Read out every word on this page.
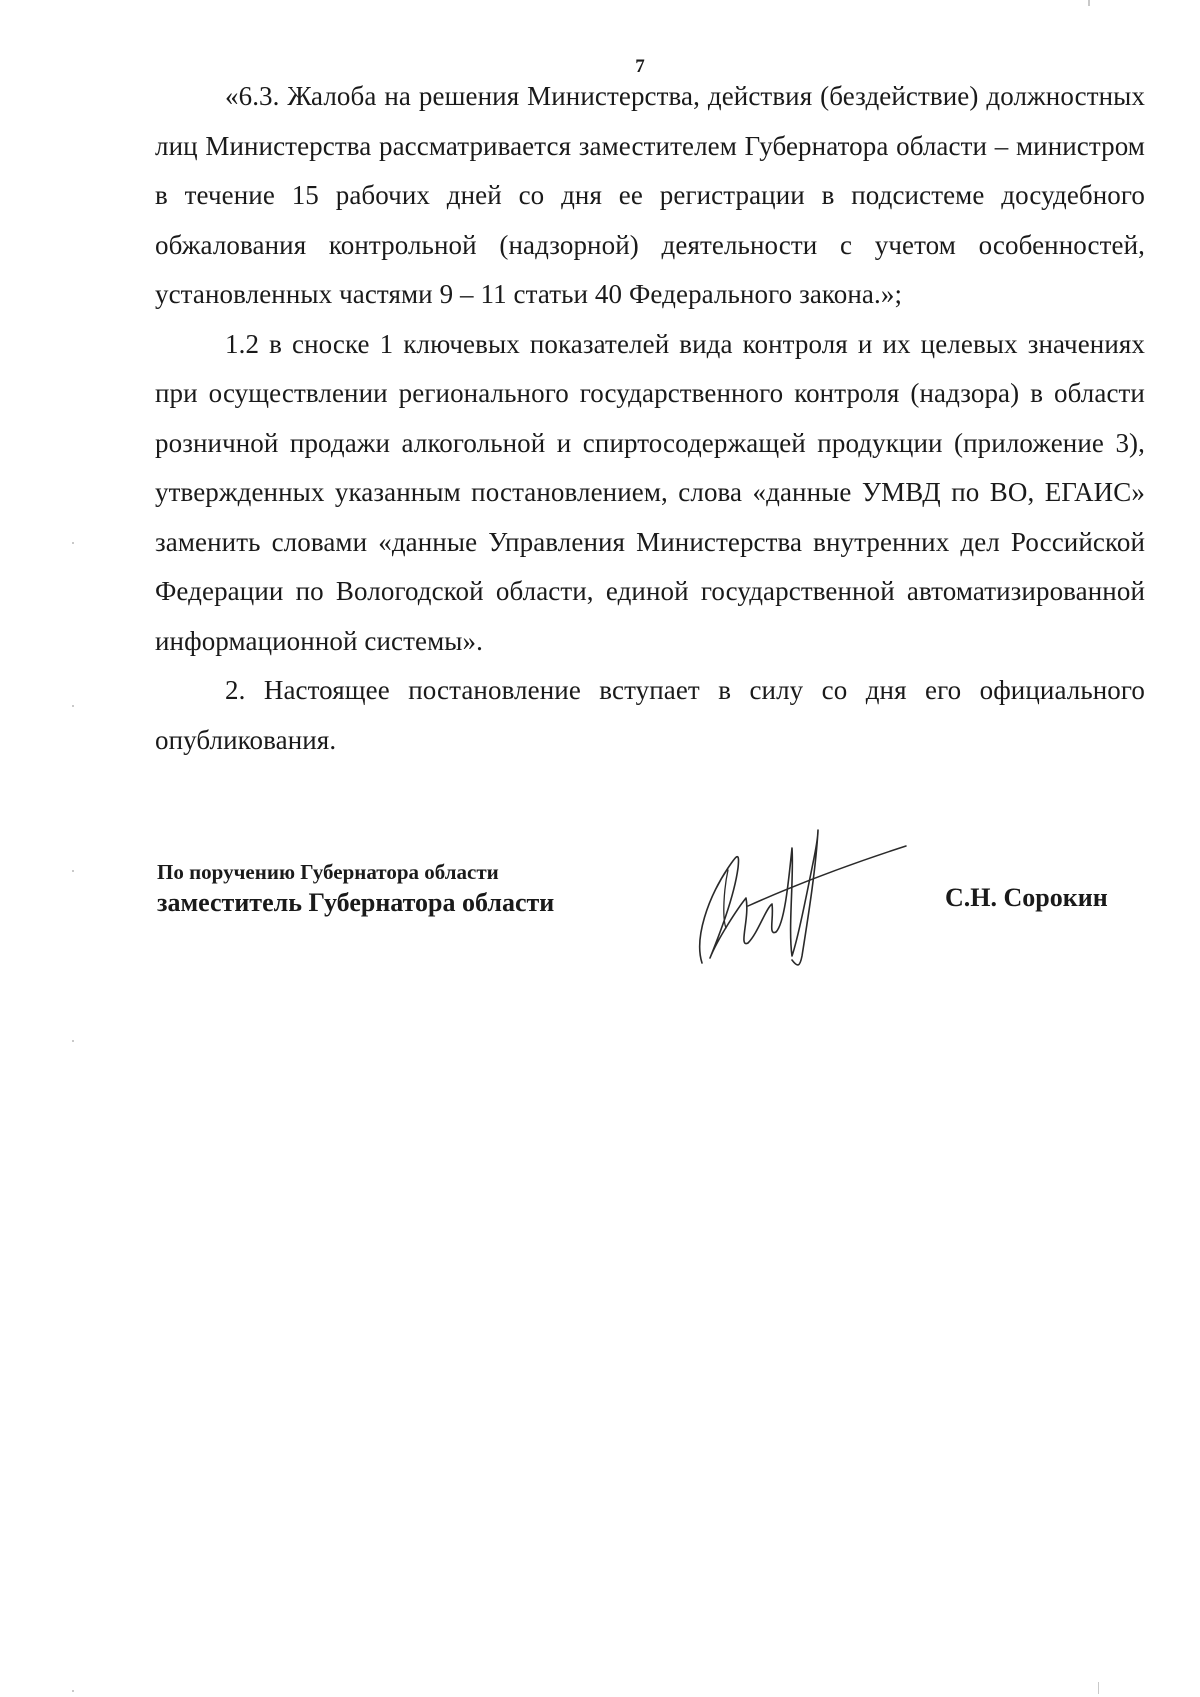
7

«6.3. Жалоба на решения Министерства, действия (бездействие) должностных лиц Министерства рассматривается заместителем Губернатора области – министром в течение 15 рабочих дней со дня ее регистрации в подсистеме досудебного обжалования контрольной (надзорной) деятельности с учетом особенностей, установленных частями 9 – 11 статьи 40 Федерального закона.»;

1.2 в сноске 1 ключевых показателей вида контроля и их целевых значениях при осуществлении регионального государственного контроля (надзора) в области розничной продажи алкогольной и спиртосодержащей продукции (приложение 3), утвержденных указанным постановлением, слова «данные УМВД по ВО, ЕГАИС» заменить словами «данные Управления Министерства внутренних дел Российской Федерации по Вологодской области, единой государственной автоматизированной информационной системы».

2. Настоящее постановление вступает в силу со дня его официального опубликования.

По поручению Губернатора области
заместитель Губернатора области	С.Н. Сорокин
